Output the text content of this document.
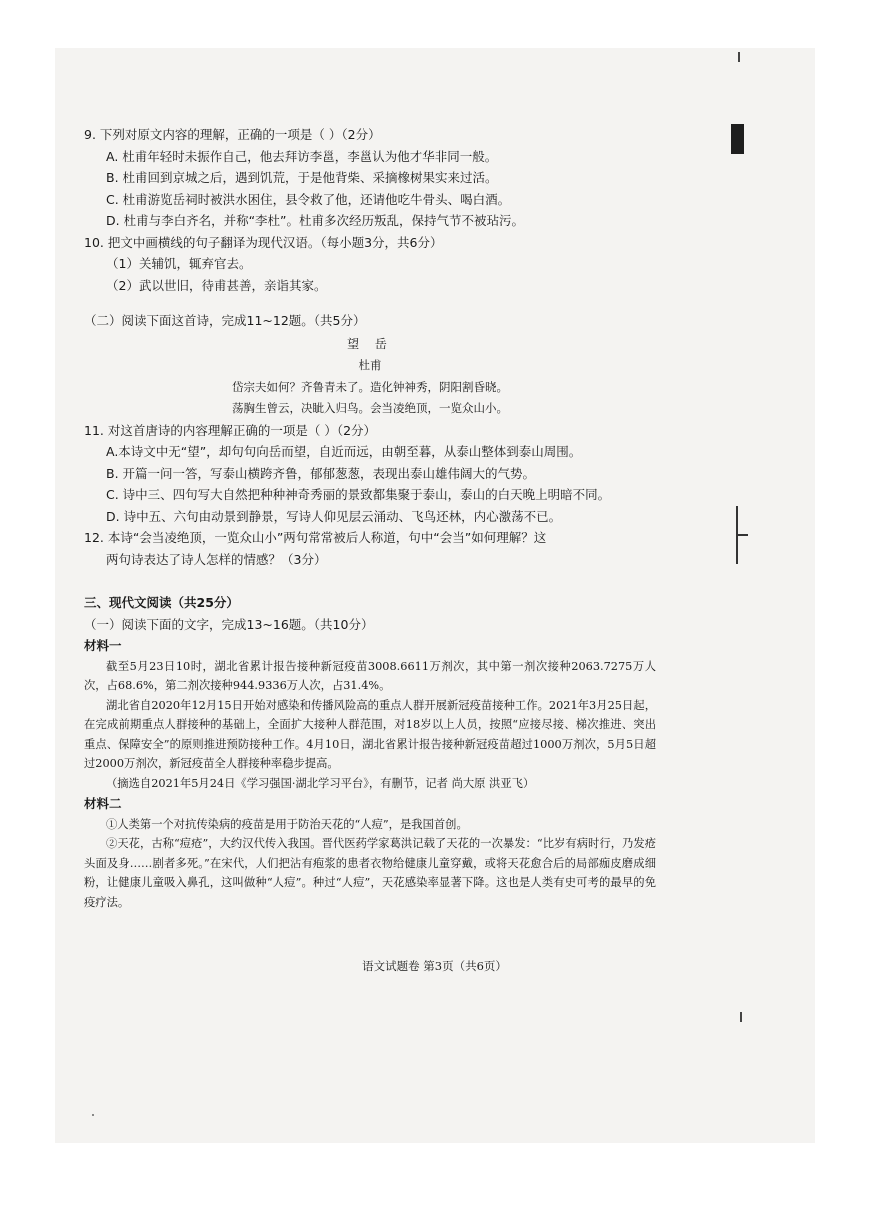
9. 下列对原文内容的理解，正确的一项是（ ）（2分）
A. 杜甫年轻时未振作自己，他去拜访李邕，李邕认为他才华非同一般。
B. 杜甫回到京城之后，遇到饥荒，于是他背柴、采摘橡树果实来过活。
C. 杜甫游览岳祠时被洪水困住，县令救了他，还请他吃牛骨头、喝白酒。
D. 杜甫与李白齐名，并称“李杜”。杜甫多次经历叛乱，保持气节不被玷污。
10. 把文中画横线的句子翻译为现代汉语。（每小题3分，共6分）
（1）关辅饥，辄弃官去。
（2）武以世旧，待甫甚善，亲诣其家。
（二）阅读下面这首诗，完成11~12题。（共5分）
望 岳
杜甫
岱宗夫如何？齐鲁青未了。造化钟神秀，阴阳割昏晓。
荡胸生曾云，决眦入归鸟。会当凌绝顶，一览众山小。
11. 对这首唐诗的内容理解正确的一项是（ ）（2分）
A.本诗文中无“望”，却句句向岳而望，自近而远，由朝至暮，从泰山整体到泰山周围。
B. 开篇一问一答，写泰山横跨齐鲁，郁郁葱葱，表现出泰山雄伟阔大的气势。
C. 诗中三、四句写大自然把种种神奇秀丽的景致都集聚于泰山，泰山的白天晚上明暗不同。
D. 诗中五、六句由动景到静景，写诗人仰见层云涌动、飞鸟还林，内心激荡不已。
12. 本诗“会当凌绝顶，一览众山小”两句常常被后人称道，句中“会当”如何理解？这
两句诗表达了诗人怎样的情感？（3分）
三、现代文阅读（共25分）
（一）阅读下面的文字，完成13~16题。（共10分）
材料一
截至5月23日10时，湖北省累计报告接种新冠疫苗3008.6611万剂次，其中第一剂次接种2063.7275万人次，占68.6%，第二剂次接种944.9336万人次，占31.4%。
湖北省自2020年12月15日开始对感染和传播风险高的重点人群开展新冠疫苗接种工作。2021年3月25日起，在完成前期重点人群接种的基础上，全面扩大接种人群范围，对18岁以上人员，按照“应接尽接、梯次推进、突出重点、保障安全”的原则推进预防接种工作。4月10日，湖北省累计报告接种新冠疫苗超过1000万剂次，5月5日超过2000万剂次，新冠疫苗全人群接种率稳步提高。
（摘选自2021年5月24日《学习强国·湖北学习平台》，有删节，记者 尚大原 洪亚飞）
材料二
①人类第一个对抗传染病的疫苗是用于防治天花的“人痘”，是我国首创。
②天花，古称“痘疮”，大约汉代传入我国。晋代医药学家葛洪记载了天花的一次暴发：“比岁有病时行，乃发疮头面及身……剧者多死。”在宋代，人们把沾有疱浆的患者衣物给健康儿童穿戴，或将天花愈合后的局部痂皮磨成细粉，让健康儿童吸入鼻孔，这叫做种“人痘”。种过“人痘”，天花感染率显著下降。这也是人类有史可考的最早的免疫疗法。
语文试题卷 第3页（共6页）
